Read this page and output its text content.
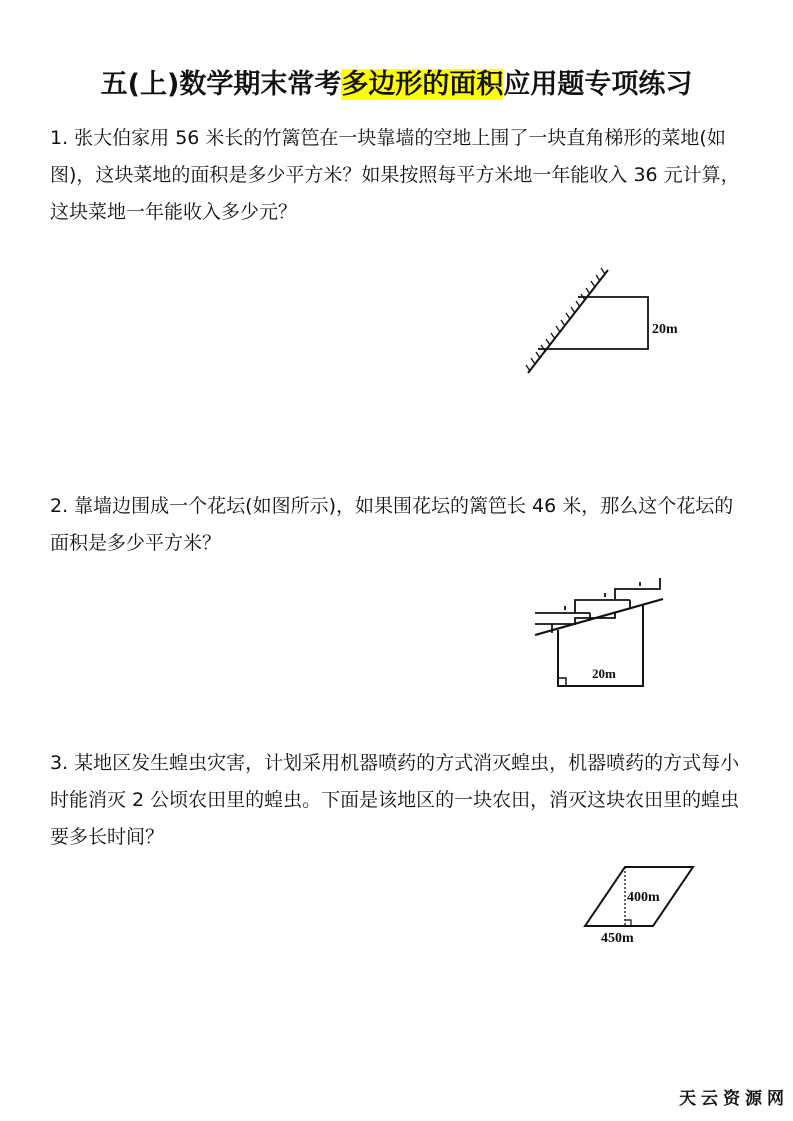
五(上)数学期末常考多边形的面积应用题专项练习
1. 张大伯家用 56 米长的竹篱笆在一块靠墙的空地上围了一块直角梯形的菜地(如图)，这块菜地的面积是多少平方米？如果按照每平方米地一年能收入 36 元计算，这块菜地一年能收入多少元？
20m
2. 靠墙边围成一个花坛(如图所示)，如果围花坛的篱笆长 46 米，那么这个花坛的面积是多少平方米？
20m
3. 某地区发生蝗虫灾害，计划采用机器喷药的方式消灭蝗虫，机器喷药的方式每小时能消灭 2 公顷农田里的蝗虫。下面是该地区的一块农田，消灭这块农田里的蝗虫要多长时间？
400m
450m
天云资源网
